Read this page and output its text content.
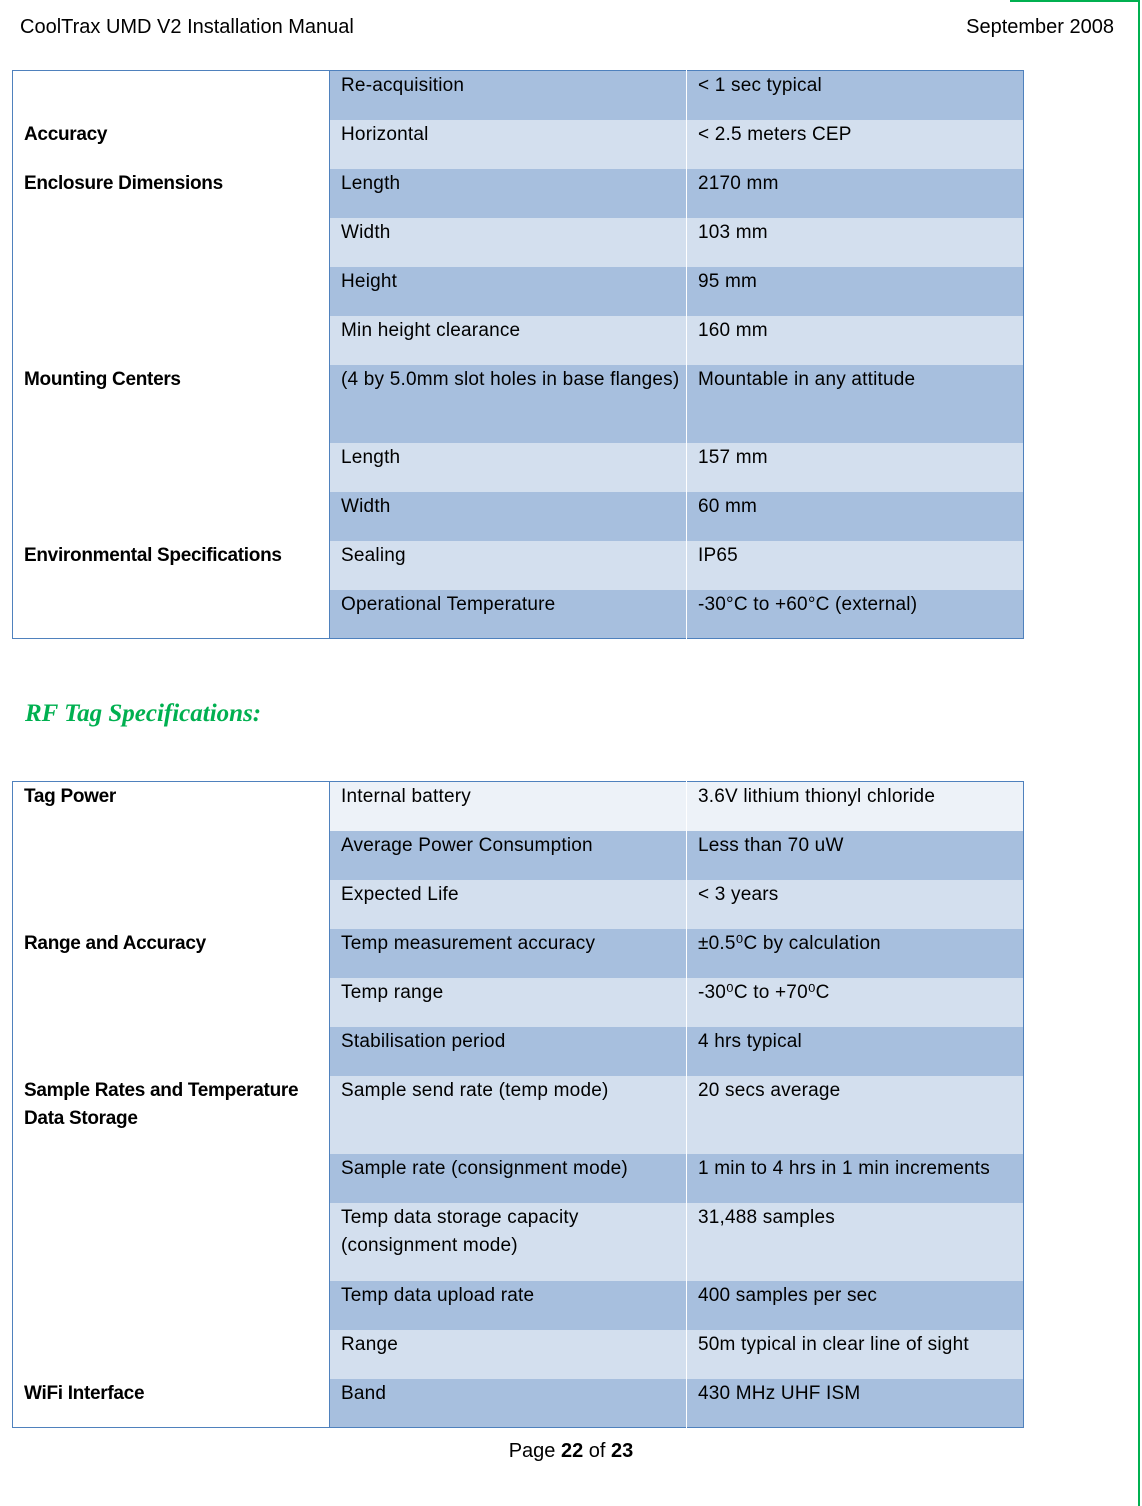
CoolTrax UMD V2 Installation Manual	September 2008
	Re-acquisition	< 1 sec typical
Accuracy	Horizontal	< 2.5 meters CEP
Enclosure Dimensions	Length	2170 mm
	Width	103 mm
	Height	95 mm
	Min height clearance	160 mm
Mounting Centers	(4 by 5.0mm slot holes in base flanges)	Mountable in any attitude
	Length	157 mm
	Width	60 mm
Environmental Specifications	Sealing	IP65
	Operational Temperature	-30°C to +60°C (external)
RF Tag Specifications:
Tag Power	Internal battery	3.6V lithium thionyl chloride
	Average Power Consumption	Less than 70 uW
	Expected Life	< 3 years
Range and Accuracy	Temp measurement accuracy	±0.5⁰C by calculation
	Temp range	-30⁰C to +70⁰C
	Stabilisation period	4 hrs typical
Sample Rates and Temperature Data Storage	Sample send rate (temp mode)	20 secs average
	Sample rate (consignment mode)	1 min to 4 hrs in 1 min increments
	Temp data storage capacity (consignment mode)	31,488 samples
	Temp data upload rate	400 samples per sec
	Range	50m typical in clear line of sight
WiFi Interface	Band	430 MHz UHF ISM
Page 22 of 23
